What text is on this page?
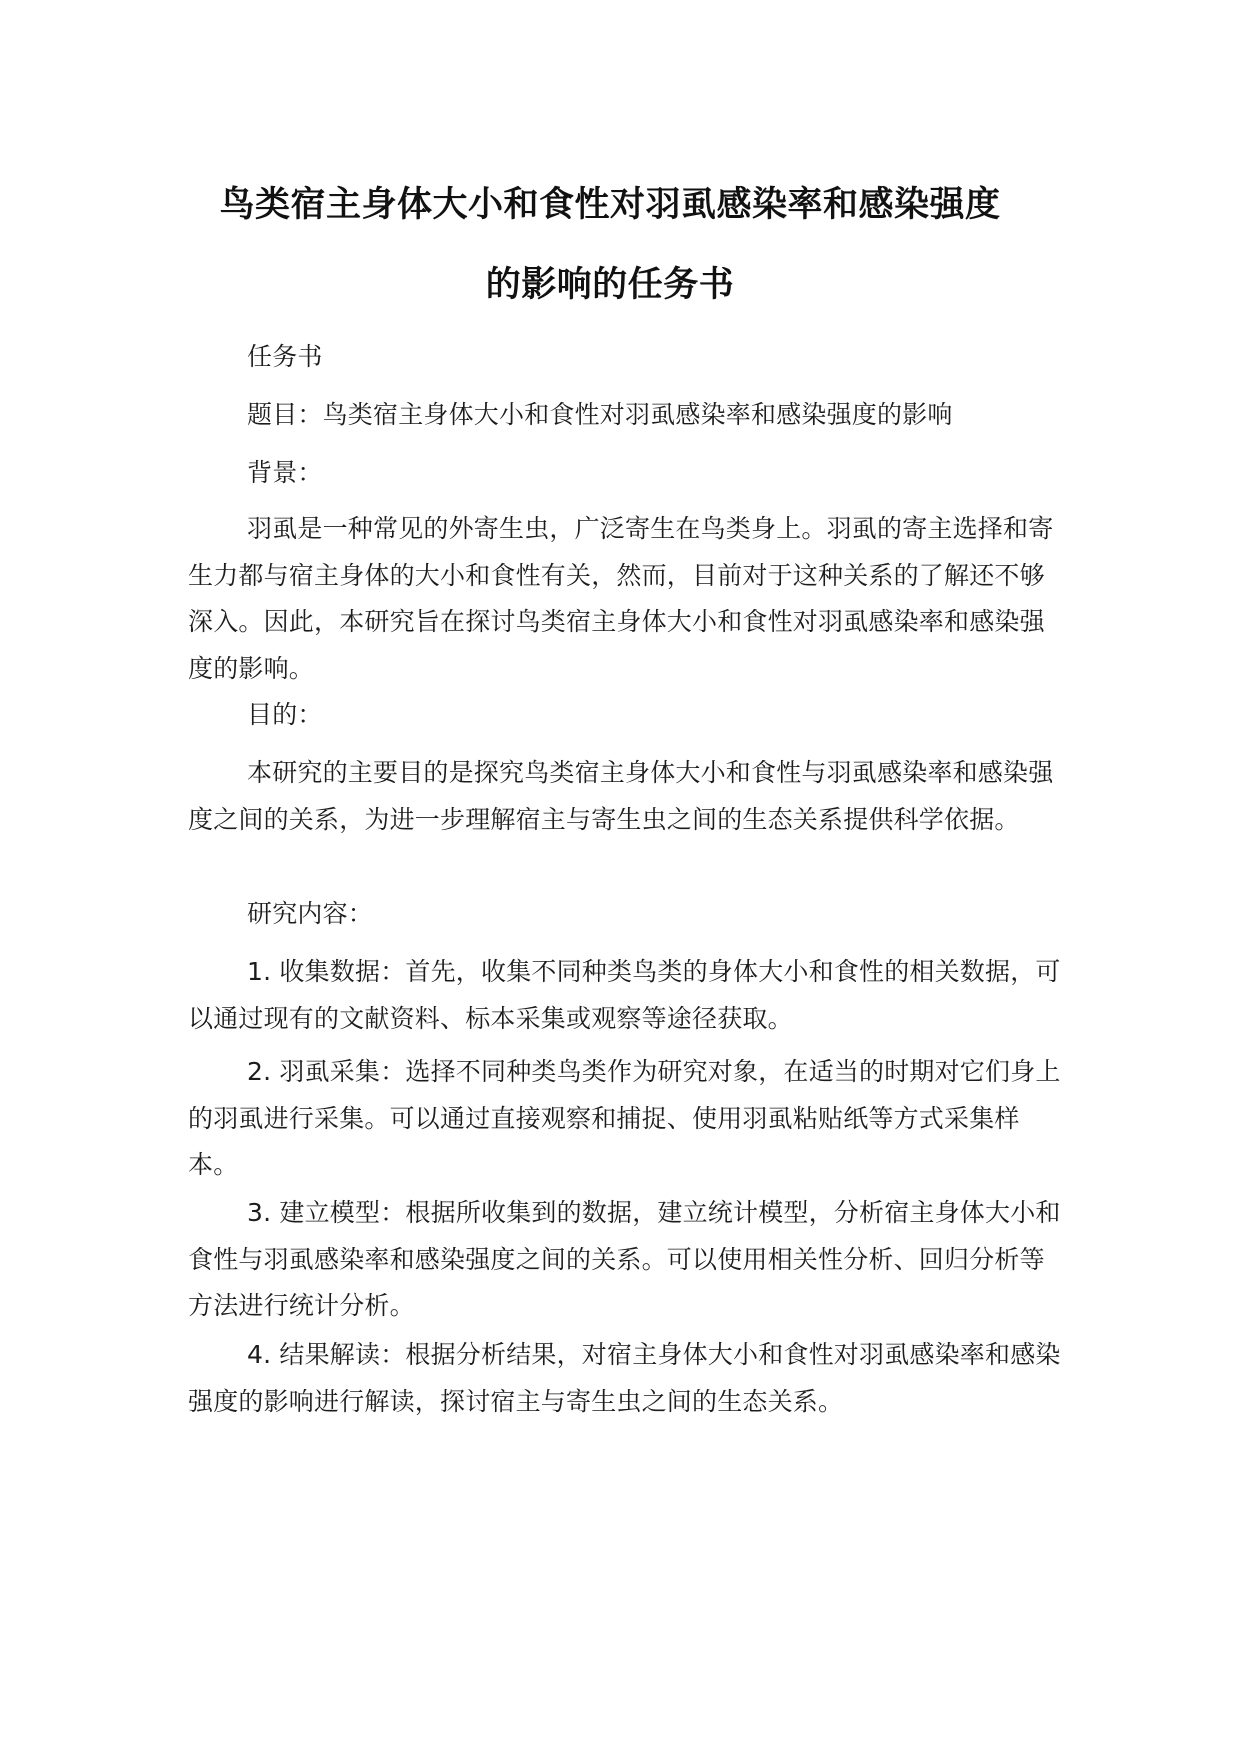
鸟类宿主身体大小和食性对羽虱感染率和感染强度
的影响的任务书

任务书

题目：鸟类宿主身体大小和食性对羽虱感染率和感染强度的影响

背景：

羽虱是一种常见的外寄生虫，广泛寄生在鸟类身上。羽虱的寄主选择和寄生力都与宿主身体的大小和食性有关，然而，目前对于这种关系的了解还不够深入。因此，本研究旨在探讨鸟类宿主身体大小和食性对羽虱感染率和感染强度的影响。

目的：

本研究的主要目的是探究鸟类宿主身体大小和食性与羽虱感染率和感染强度之间的关系，为进一步理解宿主与寄生虫之间的生态关系提供科学依据。

研究内容：

1. 收集数据：首先，收集不同种类鸟类的身体大小和食性的相关数据，可以通过现有的文献资料、标本采集或观察等途径获取。

2. 羽虱采集：选择不同种类鸟类作为研究对象，在适当的时期对它们身上的羽虱进行采集。可以通过直接观察和捕捉、使用羽虱粘贴纸等方式采集样本。

3. 建立模型：根据所收集到的数据，建立统计模型，分析宿主身体大小和食性与羽虱感染率和感染强度之间的关系。可以使用相关性分析、回归分析等方法进行统计分析。

4. 结果解读：根据分析结果，对宿主身体大小和食性对羽虱感染率和感染强度的影响进行解读，探讨宿主与寄生虫之间的生态关系。
